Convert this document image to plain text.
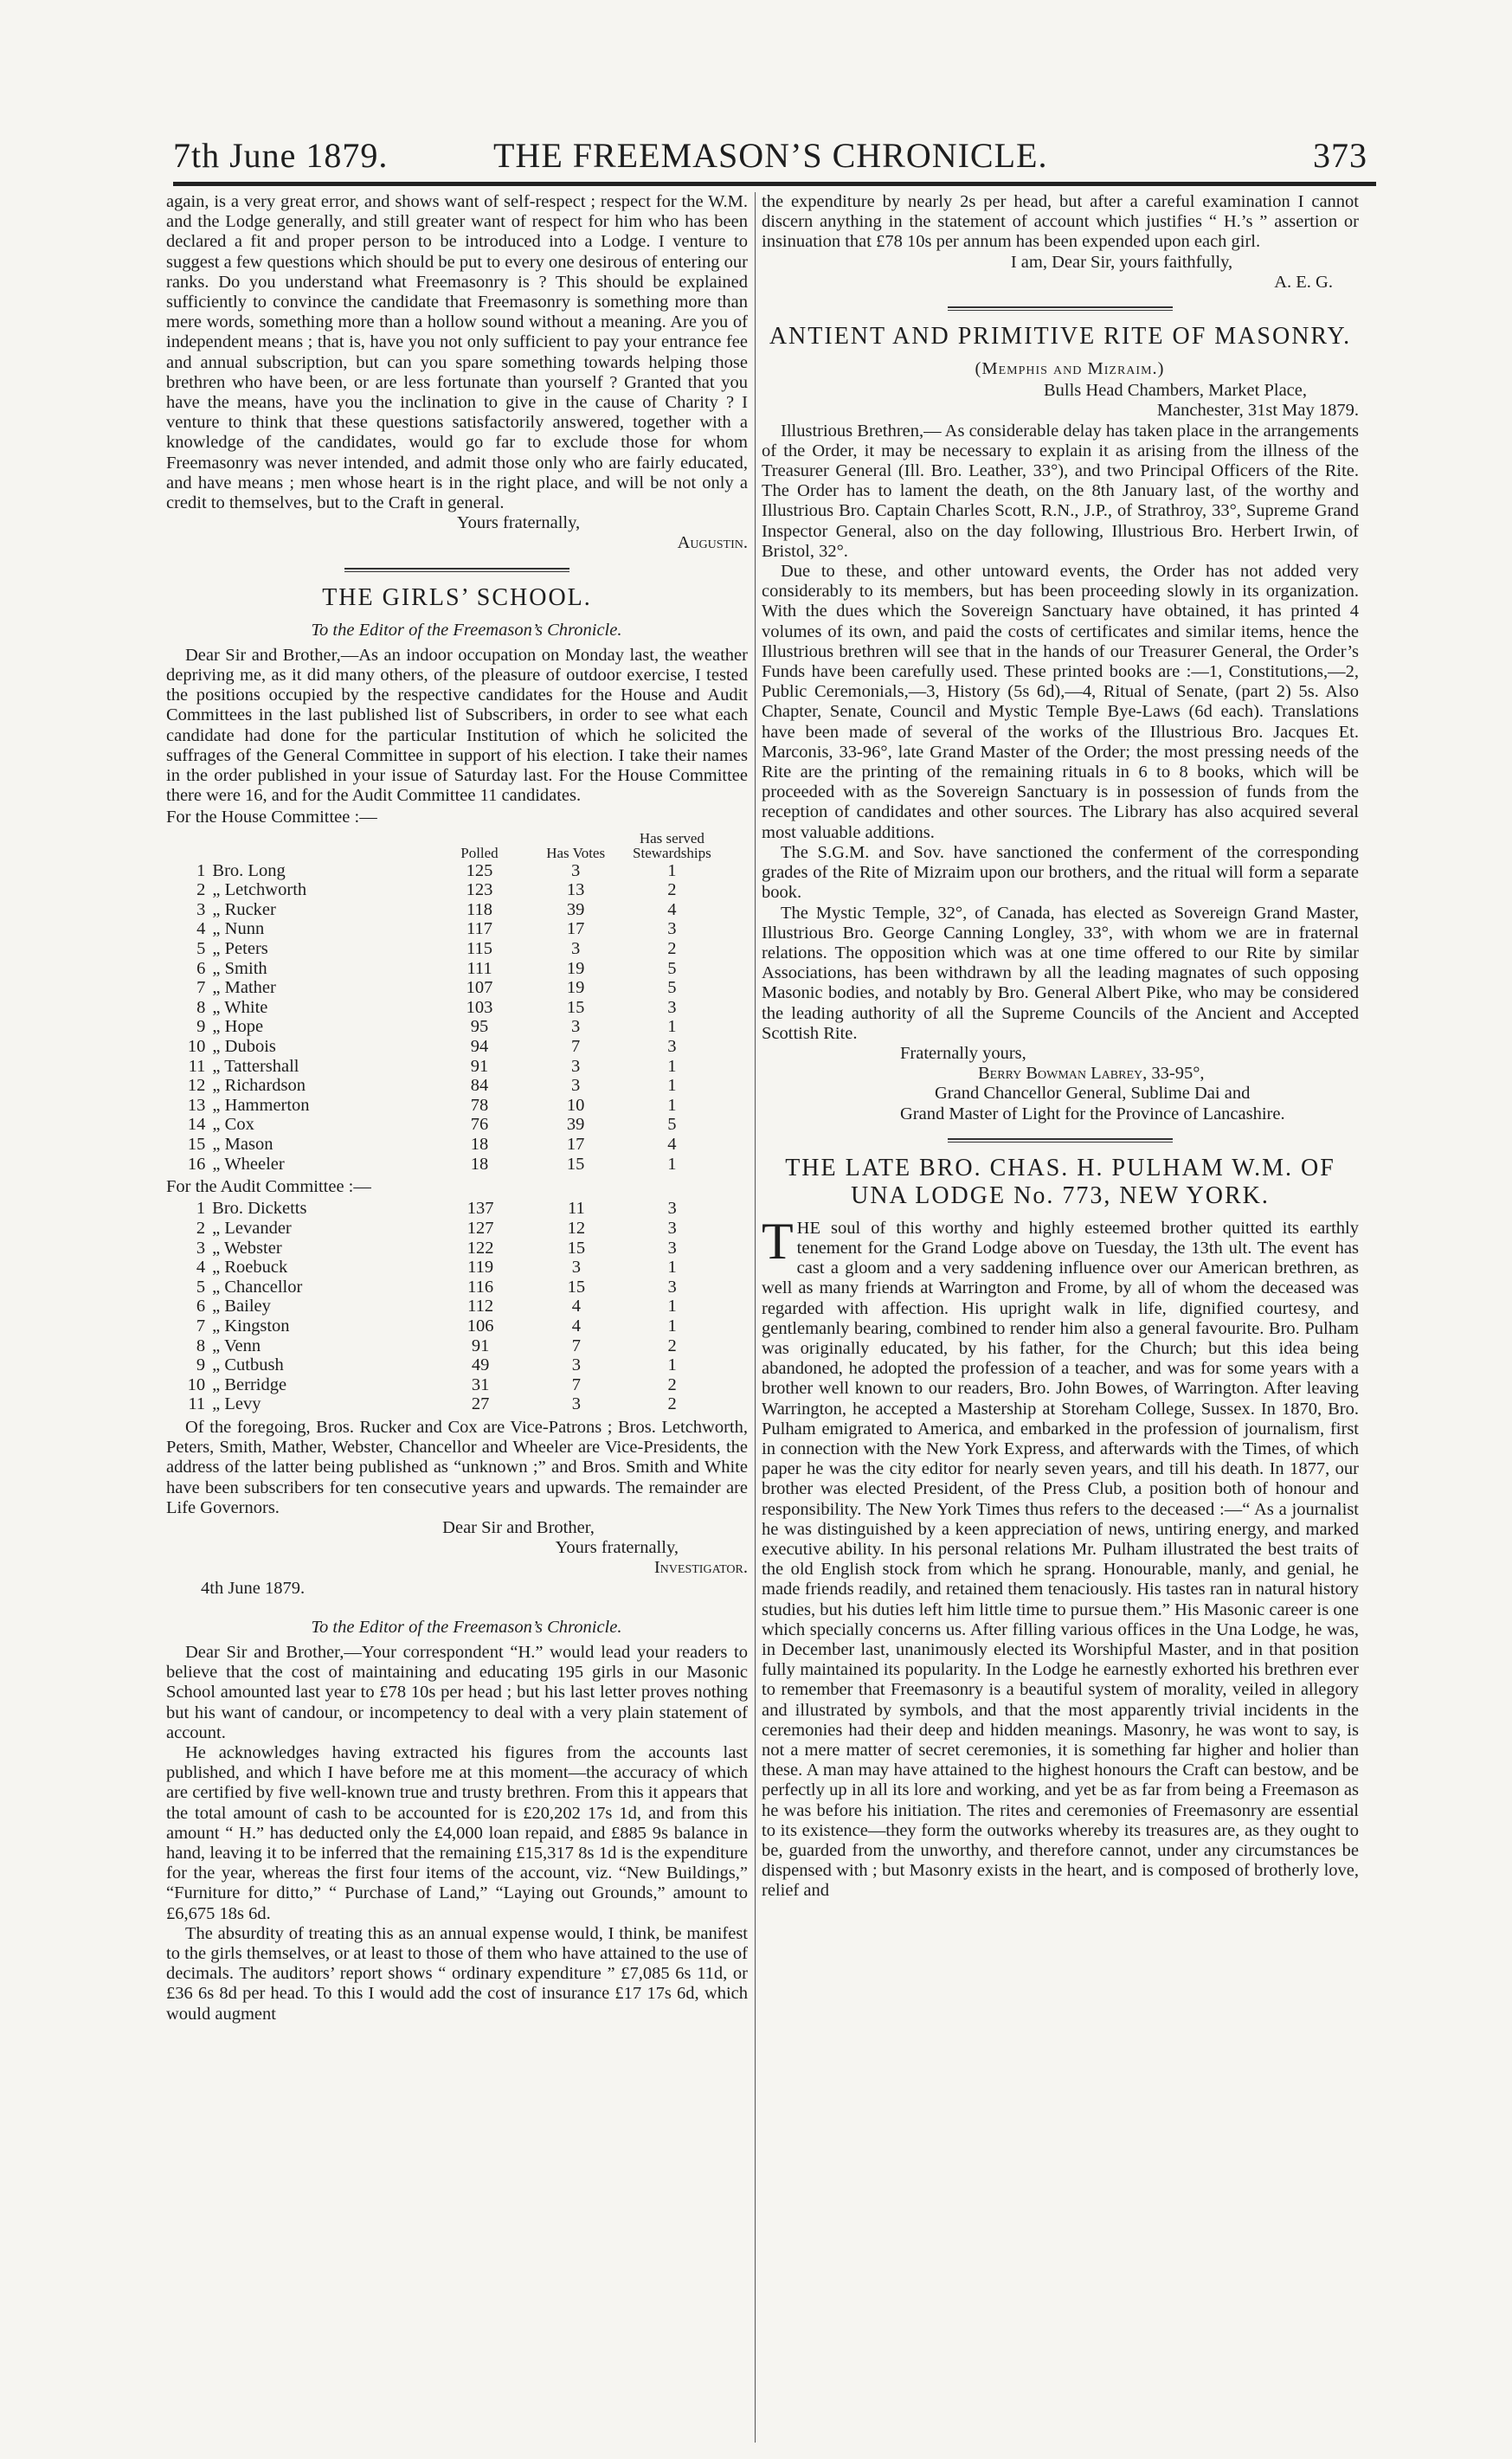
7th June 1879.	THE FREEMASON’S CHRONICLE.	373

again, is a very great error, and shows want of self-respect ; respect for the W.M. and the Lodge generally, and still greater want of respect for him who has been declared a fit and proper person to be introduced into a Lodge. I venture to suggest a few questions which should be put to every one desirous of entering our ranks. Do you understand what Freemasonry is ? This should be explained sufficiently to convince the candidate that Freemasonry is something more than mere words, something more than a hollow sound without a meaning. Are you of independent means ; that is, have you not only sufficient to pay your entrance fee and annual subscription, but can you spare something towards helping those brethren who have been, or are less fortunate than yourself ? Granted that you have the means, have you the inclination to give in the cause of Charity ? I venture to think that these questions satisfactorily answered, together with a knowledge of the candidates, would go far to exclude those for whom Freemasonry was never intended, and admit those only who are fairly educated, and have means ; men whose heart is in the right place, and will be not only a credit to themselves, but to the Craft in general.

Yours fraternally,

Augustin.

THE GIRLS’ SCHOOL.

To the Editor of the Freemason’s Chronicle.

Dear Sir and Brother,—As an indoor occupation on Monday last, the weather depriving me, as it did many others, of the pleasure of outdoor exercise, I tested the positions occupied by the respective candidates for the House and Audit Committees in the last published list of Subscribers, in order to see what each candidate had done for the particular Institution of which he solicited the suffrages of the General Committee in support of his election. I take their names in the order published in your issue of Saturday last. For the House Committee there were 16, and for the Audit Committee 11 candidates.

For the House Committee :—

		Polled	Has Votes	Has served Stewardships
1	Bro. Long	125	3	1
2	„ Letchworth	123	13	2
3	„ Rucker	118	39	4
4	„ Nunn	117	17	3
5	„ Peters	115	3	2
6	„ Smith	111	19	5
7	„ Mather	107	19	5
8	„ White	103	15	3
9	„ Hope	95	3	1
10	„ Dubois	94	7	3
11	„ Tattershall	91	3	1
12	„ Richardson	84	3	1
13	„ Hammerton	78	10	1
14	„ Cox	76	39	5
15	„ Mason	18	17	4
16	„ Wheeler	18	15	1

For the Audit Committee :—

1	Bro. Dicketts	137	11	3
2	„ Levander	127	12	3
3	„ Webster	122	15	3
4	„ Roebuck	119	3	1
5	„ Chancellor	116	15	3
6	„ Bailey	112	4	1
7	„ Kingston	106	4	1
8	„ Venn	91	7	2
9	„ Cutbush	49	3	1
10	„ Berridge	31	7	2
11	„ Levy	27	3	2

Of the foregoing, Bros. Rucker and Cox are Vice-Patrons ; Bros. Letchworth, Peters, Smith, Mather, Webster, Chancellor and Wheeler are Vice-Presidents, the address of the latter being published as “unknown ;” and Bros. Smith and White have been subscribers for ten consecutive years and upwards. The remainder are Life Governors.

Dear Sir and Brother,

Yours fraternally,

Investigator.

4th June 1879.

To the Editor of the Freemason’s Chronicle.

Dear Sir and Brother,—Your correspondent “H.” would lead your readers to believe that the cost of maintaining and educating 195 girls in our Masonic School amounted last year to £78 10s per head ; but his last letter proves nothing but his want of candour, or incompetency to deal with a very plain statement of account.

He acknowledges having extracted his figures from the accounts last published, and which I have before me at this moment—the accuracy of which are certified by five well-known true and trusty brethren. From this it appears that the total amount of cash to be accounted for is £20,202 17s 1d, and from this amount “ H.” has deducted only the £4,000 loan repaid, and £885 9s balance in hand, leaving it to be inferred that the remaining £15,317 8s 1d is the expenditure for the year, whereas the first four items of the account, viz. “New Buildings,” “Furniture for ditto,” “ Purchase of Land,” “Laying out Grounds,” amount to £6,675 18s 6d.

The absurdity of treating this as an annual expense would, I think, be manifest to the girls themselves, or at least to those of them who have attained to the use of decimals. The auditors’ report shows “ ordinary expenditure ” £7,085 6s 11d, or £36 6s 8d per head. To this I would add the cost of insurance £17 17s 6d, which would augment

the expenditure by nearly 2s per head, but after a careful examination I cannot discern anything in the statement of account which justifies “ H.’s ” assertion or insinuation that £78 10s per annum has been expended upon each girl.

I am, Dear Sir, yours faithfully,

A. E. G.

ANTIENT AND PRIMITIVE RITE OF MASONRY.

(Memphis and Mizraim.)

Bulls Head Chambers, Market Place,

Manchester, 31st May 1879.

Illustrious Brethren,— As considerable delay has taken place in the arrangements of the Order, it may be necessary to explain it as arising from the illness of the Treasurer General (Ill. Bro. Leather, 33°), and two Principal Officers of the Rite. The Order has to lament the death, on the 8th January last, of the worthy and Illustrious Bro. Captain Charles Scott, R.N., J.P., of Strathroy, 33°, Supreme Grand Inspector General, also on the day following, Illustrious Bro. Herbert Irwin, of Bristol, 32°.

Due to these, and other untoward events, the Order has not added very considerably to its members, but has been proceeding slowly in its organization. With the dues which the Sovereign Sanctuary have obtained, it has printed 4 volumes of its own, and paid the costs of certificates and similar items, hence the Illustrious brethren will see that in the hands of our Treasurer General, the Order’s Funds have been carefully used. These printed books are :—1, Constitutions,—2, Public Ceremonials,—3, History (5s 6d),—4, Ritual of Senate, (part 2) 5s. Also Chapter, Senate, Council and Mystic Temple Bye-Laws (6d each). Translations have been made of several of the works of the Illustrious Bro. Jacques Et. Marconis, 33-96°, late Grand Master of the Order; the most pressing needs of the Rite are the printing of the remaining rituals in 6 to 8 books, which will be proceeded with as the Sovereign Sanctuary is in possession of funds from the reception of candidates and other sources. The Library has also acquired several most valuable additions.

The S.G.M. and Sov. have sanctioned the conferment of the corresponding grades of the Rite of Mizraim upon our brothers, and the ritual will form a separate book.

The Mystic Temple, 32°, of Canada, has elected as Sovereign Grand Master, Illustrious Bro. George Canning Longley, 33°, with whom we are in fraternal relations. The opposition which was at one time offered to our Rite by similar Associations, has been withdrawn by all the leading magnates of such opposing Masonic bodies, and notably by Bro. General Albert Pike, who may be considered the leading authority of all the Supreme Councils of the Ancient and Accepted Scottish Rite.

Fraternally yours,

Berry Bowman Labrey, 33-95°,

Grand Chancellor General, Sublime Dai and

Grand Master of Light for the Province of Lancashire.

THE LATE BRO. CHAS. H. PULHAM W.M. OF UNA LODGE No. 773, NEW YORK.

THE soul of this worthy and highly esteemed brother quitted its earthly tenement for the Grand Lodge above on Tuesday, the 13th ult. The event has cast a gloom and a very saddening influence over our American brethren, as well as many friends at Warrington and Frome, by all of whom the deceased was regarded with affection. His upright walk in life, dignified courtesy, and gentlemanly bearing, combined to render him also a general favourite. Bro. Pulham was originally educated, by his father, for the Church; but this idea being abandoned, he adopted the profession of a teacher, and was for some years with a brother well known to our readers, Bro. John Bowes, of Warrington. After leaving Warrington, he accepted a Mastership at Storeham College, Sussex. In 1870, Bro. Pulham emigrated to America, and embarked in the profession of journalism, first in connection with the New York Express, and afterwards with the Times, of which paper he was the city editor for nearly seven years, and till his death. In 1877, our brother was elected President, of the Press Club, a position both of honour and responsibility. The New York Times thus refers to the deceased :—“ As a journalist he was distinguished by a keen appreciation of news, untiring energy, and marked executive ability. In his personal relations Mr. Pulham illustrated the best traits of the old English stock from which he sprang. Honourable, manly, and genial, he made friends readily, and retained them tenaciously. His tastes ran in natural history studies, but his duties left him little time to pursue them.” His Masonic career is one which specially concerns us. After filling various offices in the Una Lodge, he was, in December last, unanimously elected its Worshipful Master, and in that position fully maintained its popularity. In the Lodge he earnestly exhorted his brethren ever to remember that Freemasonry is a beautiful system of morality, veiled in allegory and illustrated by symbols, and that the most apparently trivial incidents in the ceremonies had their deep and hidden meanings. Masonry, he was wont to say, is not a mere matter of secret ceremonies, it is something far higher and holier than these. A man may have attained to the highest honours the Craft can bestow, and be perfectly up in all its lore and working, and yet be as far from being a Freemason as he was before his initiation. The rites and ceremonies of Freemasonry are essential to its existence—they form the outworks whereby its treasures are, as they ought to be, guarded from the unworthy, and therefore cannot, under any circumstances be dispensed with ; but Masonry exists in the heart, and is composed of brotherly love, relief and
